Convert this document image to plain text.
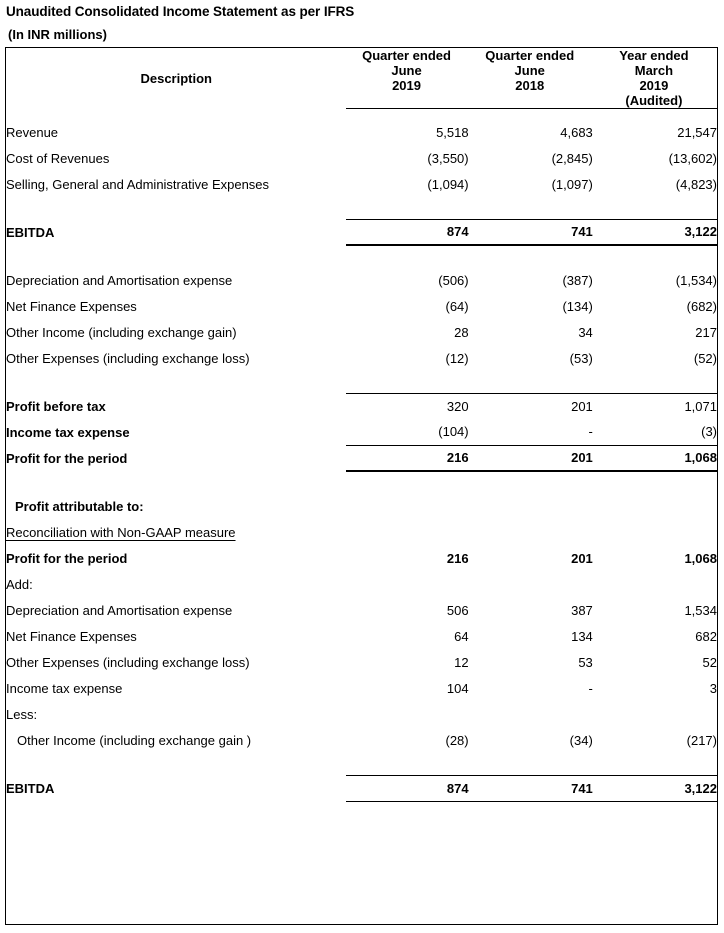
Unaudited Consolidated Income Statement as per IFRS
(In INR millions)
Description	Quarter ended	Quarter ended	Year ended
	June	June	March
	2019	2018	2019
			(Audited)

Revenue	5,518	4,683	21,547
Cost of Revenues	(3,550)	(2,845)	(13,602)
Selling, General and Administrative Expenses	(1,094)	(1,097)	(4,823)

EBITDA	874	741	3,122

Depreciation and Amortisation expense	(506)	(387)	(1,534)
Net Finance Expenses	(64)	(134)	(682)
Other Income (including exchange gain)	28	34	217
Other Expenses (including exchange loss)	(12)	(53)	(52)

Profit before tax	320	201	1,071
Income tax expense	(104)	-	(3)
Profit for the period	216	201	1,068

Profit attributable to:			
Reconciliation with Non-GAAP measure			
Profit for the period	216	201	1,068
Add:			
Depreciation and Amortisation expense	506	387	1,534
Net Finance Expenses	64	134	682
Other Expenses (including exchange loss)	12	53	52
Income tax expense	104	-	3
Less:			
Other Income (including exchange gain )	(28)	(34)	(217)

EBITDA	874	741	3,122
